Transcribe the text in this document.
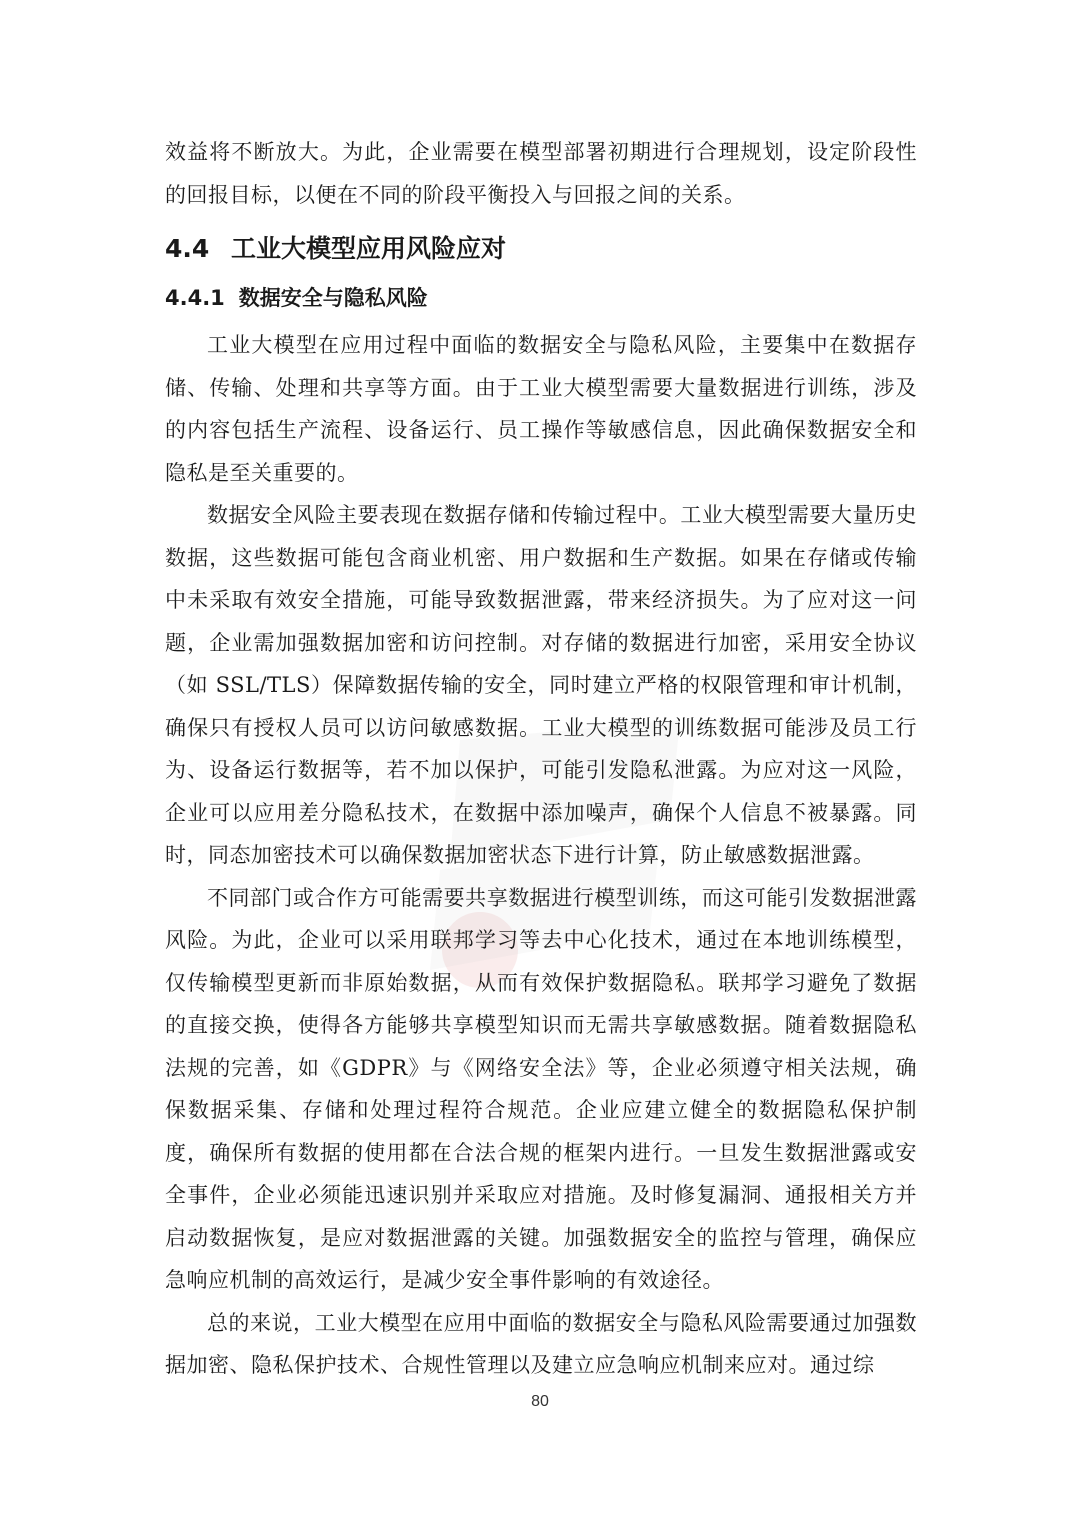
效益将不断放大。为此，企业需要在模型部署初期进行合理规划，设定阶段性的回报目标，以便在不同的阶段平衡投入与回报之间的关系。

4.4 工业大模型应用风险应对
4.4.1 数据安全与隐私风险

工业大模型在应用过程中面临的数据安全与隐私风险，主要集中在数据存储、传输、处理和共享等方面。由于工业大模型需要大量数据进行训练，涉及的内容包括生产流程、设备运行、员工操作等敏感信息，因此确保数据安全和隐私是至关重要的。

数据安全风险主要表现在数据存储和传输过程中。工业大模型需要大量历史数据，这些数据可能包含商业机密、用户数据和生产数据。如果在存储或传输中未采取有效安全措施，可能导致数据泄露，带来经济损失。为了应对这一问题，企业需加强数据加密和访问控制。对存储的数据进行加密，采用安全协议（如 SSL/TLS）保障数据传输的安全，同时建立严格的权限管理和审计机制，确保只有授权人员可以访问敏感数据。工业大模型的训练数据可能涉及员工行为、设备运行数据等，若不加以保护，可能引发隐私泄露。为应对这一风险，企业可以应用差分隐私技术，在数据中添加噪声，确保个人信息不被暴露。同时，同态加密技术可以确保数据加密状态下进行计算，防止敏感数据泄露。

不同部门或合作方可能需要共享数据进行模型训练，而这可能引发数据泄露风险。为此，企业可以采用联邦学习等去中心化技术，通过在本地训练模型，仅传输模型更新而非原始数据，从而有效保护数据隐私。联邦学习避免了数据的直接交换，使得各方能够共享模型知识而无需共享敏感数据。随着数据隐私法规的完善，如《GDPR》与《网络安全法》等，企业必须遵守相关法规，确保数据采集、存储和处理过程符合规范。企业应建立健全的数据隐私保护制度，确保所有数据的使用都在合法合规的框架内进行。一旦发生数据泄露或安全事件，企业必须能迅速识别并采取应对措施。及时修复漏洞、通报相关方并启动数据恢复，是应对数据泄露的关键。加强数据安全的监控与管理，确保应急响应机制的高效运行，是减少安全事件影响的有效途径。

总的来说，工业大模型在应用中面临的数据安全与隐私风险需要通过加强数据加密、隐私保护技术、合规性管理以及建立应急响应机制来应对。通过综

80
